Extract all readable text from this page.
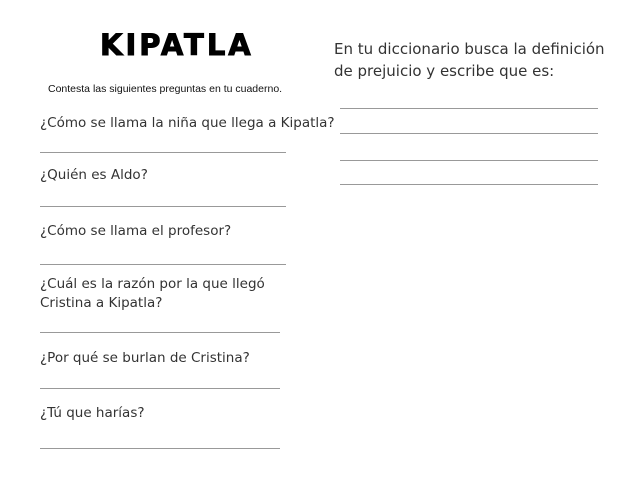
KIPATLA
Contesta las siguientes preguntas en tu cuaderno.
¿Cómo se llama la niña que llega a Kipatla?
¿Quién es Aldo?
¿Cómo se llama el profesor?
¿Cuál es la razón por la que llegó Cristina a Kipatla?
¿Por qué se burlan de Cristina?
¿Tú que harías?
En tu diccionario busca la definición de prejuicio y escribe que es:
